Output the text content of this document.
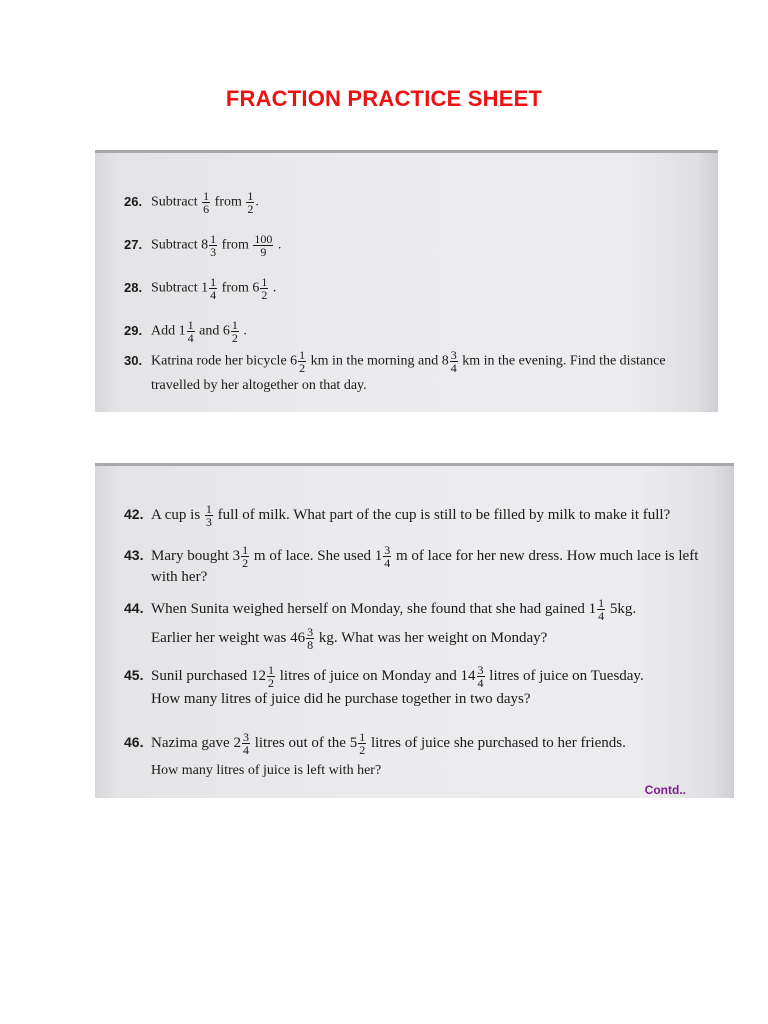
FRACTION PRACTICE SHEET
26. Subtract $\frac{1}{6}$ from $\frac{1}{2}$ .
27. Subtract $8 \frac{1}{3}$ from $\frac{100}{9}$ .
28. Subtract $1 \frac{1}{4}$ from $6 \frac{1}{2}$ .
29. Add $1 \frac{1}{4}$ and $6 \frac{1}{2}$ .
30. Katrina rode her bicycle $6 \frac{1}{2}$ km in the morning and $8 \frac{3}{4}$ km in the evening. Find the distance
travelled by her altogether on that day.
42. A cup is $\frac{1}{3}$ full of milk. What part of the cup is still to be filled by milk to make it full?
43. Mary bought $3 \frac{1}{2}$ m of lace. She used $1 \frac{3}{4}$ m of lace for her new dress. How much lace is left
with her?
44. When Sunita weighed herself on Monday, she found that she had gained $1 \frac{1}{4} 5kg$.
Earlier her weight was $46 \frac{3}{8}$ kg. What was her weight on Monday?
45. Sunil purchased $12 \frac{1}{2}$ litres of juice on Monday and $14 \frac{3}{4}$ litres of juice on Tuesday.
How many litres of juice did he purchase together in two days?
46. Nazima gave $2 \frac{3}{4}$ litres out of the $5 \frac{1}{2}$ litres of juice she purchased to her friends.
How many litres of juice is left with her?
Contd..
